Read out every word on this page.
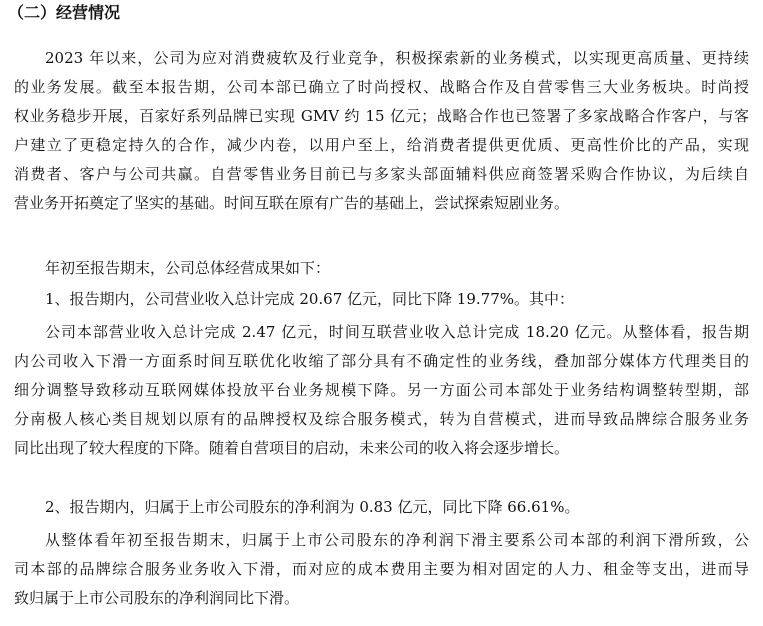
（二）经营情况

2023 年以来，公司为应对消费疲软及行业竞争，积极探索新的业务模式，以实现更高质量、更持续
的业务发展。截至本报告期，公司本部已确立了时尚授权、战略合作及自营零售三大业务板块。时尚授
权业务稳步开展，百家好系列品牌已实现 GMV 约 15 亿元；战略合作也已签署了多家战略合作客户，与客
户建立了更稳定持久的合作，减少内卷，以用户至上，给消费者提供更优质、更高性价比的产品，实现
消费者、客户与公司共赢。自营零售业务目前已与多家头部面辅料供应商签署采购合作协议，为后续自
营业务开拓奠定了坚实的基础。时间互联在原有广告的基础上，尝试探索短剧业务。

年初至报告期末，公司总体经营成果如下：

1、报告期内，公司营业收入总计完成 20.67 亿元，同比下降 19.77%。其中：

公司本部营业收入总计完成 2.47 亿元，时间互联营业收入总计完成 18.20 亿元。从整体看，报告期
内公司收入下滑一方面系时间互联优化收缩了部分具有不确定性的业务线，叠加部分媒体方代理类目的
细分调整导致移动互联网媒体投放平台业务规模下降。另一方面公司本部处于业务结构调整转型期，部
分南极人核心类目规划以原有的品牌授权及综合服务模式，转为自营模式，进而导致品牌综合服务业务
同比出现了较大程度的下降。随着自营项目的启动，未来公司的收入将会逐步增长。

2、报告期内，归属于上市公司股东的净利润为 0.83 亿元，同比下降 66.61%。

从整体看年初至报告期末，归属于上市公司股东的净利润下滑主要系公司本部的利润下滑所致，公
司本部的品牌综合服务业务收入下滑，而对应的成本费用主要为相对固定的人力、租金等支出，进而导
致归属于上市公司股东的净利润同比下滑。
